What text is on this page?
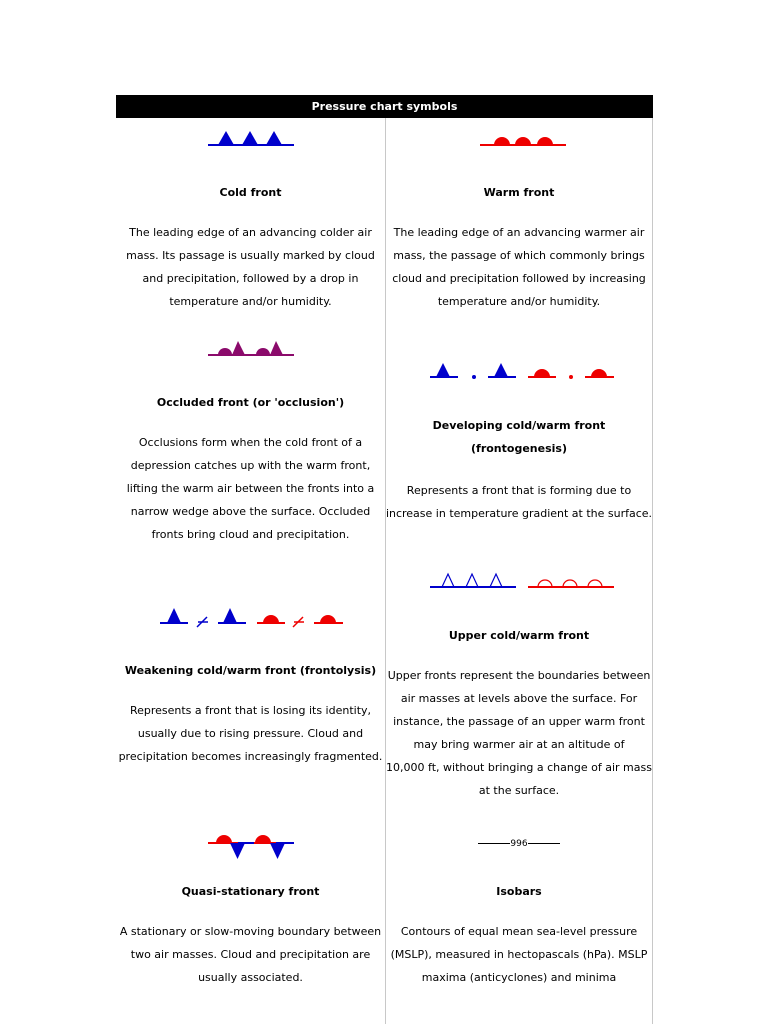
Pressure chart symbols
Cold front
The leading edge of an advancing colder air
mass. Its passage is usually marked by cloud
and precipitation, followed by a drop in
temperature and/or humidity.
Warm front
The leading edge of an advancing warmer air
mass, the passage of which commonly brings
cloud and precipitation followed by increasing
temperature and/or humidity.
Occluded front (or 'occlusion')
Occlusions form when the cold front of a
depression catches up with the warm front,
lifting the warm air between the fronts into a
narrow wedge above the surface. Occluded
fronts bring cloud and precipitation.
Developing cold/warm front
(frontogenesis)
Represents a front that is forming due to
increase in temperature gradient at the surface.
Weakening cold/warm front (frontolysis)
Represents a front that is losing its identity,
usually due to rising pressure. Cloud and
precipitation becomes increasingly fragmented.
Upper cold/warm front
Upper fronts represent the boundaries between
air masses at levels above the surface. For
instance, the passage of an upper warm front
may bring warmer air at an altitude of
10,000 ft, without bringing a change of air mass
at the surface.
Quasi-stationary front
A stationary or slow-moving boundary between
two air masses. Cloud and precipitation are
usually associated.
996
Isobars
Contours of equal mean sea-level pressure
(MSLP), measured in hectopascals (hPa). MSLP
maxima (anticyclones) and minima
